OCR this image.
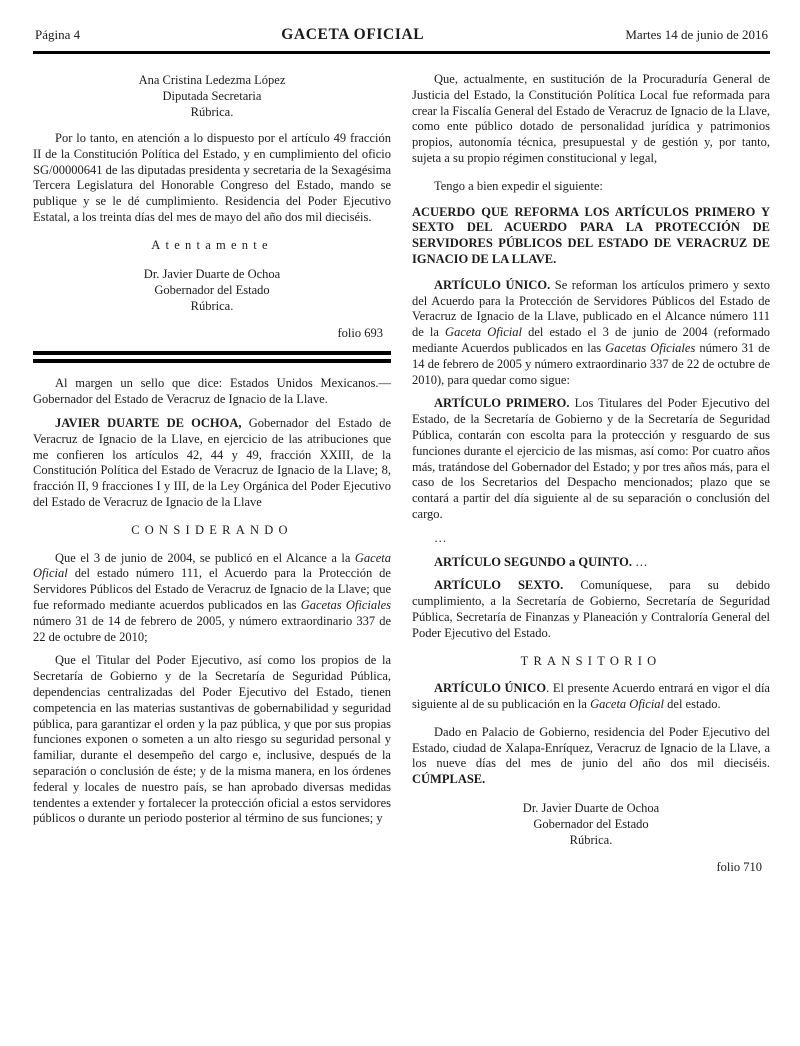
Página 4	GACETA OFICIAL	Martes 14 de junio de 2016
Ana Cristina Ledezma López
Diputada Secretaria
Rúbrica.

Por lo tanto, en atención a lo dispuesto por el artículo 49 fracción II de la Constitución Política del Estado, y en cumplimiento del oficio SG/00000641 de las diputadas presidenta y secretaria de la Sexagésima Tercera Legislatura del Honorable Congreso del Estado, mando se publique y se le dé cumplimiento. Residencia del Poder Ejecutivo Estatal, a los treinta días del mes de mayo del año dos mil dieciséis.

Atentamente
Dr. Javier Duarte de Ochoa
Gobernador del Estado
Rúbrica.
folio 693

Al margen un sello que dice: Estados Unidos Mexicanos.— Gobernador del Estado de Veracruz de Ignacio de la Llave.

JAVIER DUARTE DE OCHOA, Gobernador del Estado de Veracruz de Ignacio de la Llave, en ejercicio de las atribuciones que me confieren los artículos 42, 44 y 49, fracción XXIII, de la Constitución Política del Estado de Veracruz de Ignacio de la Llave; 8, fracción II, 9 fracciones I y III, de la Ley Orgánica del Poder Ejecutivo del Estado de Veracruz de Ignacio de la Llave

CONSIDERANDO

Que el 3 de junio de 2004, se publicó en el Alcance a la Gaceta Oficial del estado número 111, el Acuerdo para la Protección de Servidores Públicos del Estado de Veracruz de Ignacio de la Llave; que fue reformado mediante acuerdos publicados en las Gacetas Oficiales número 31 de 14 de febrero de 2005, y número extraordinario 337 de 22 de octubre de 2010;

Que el Titular del Poder Ejecutivo, así como los propios de la Secretaría de Gobierno y de la Secretaría de Seguridad Pública, dependencias centralizadas del Poder Ejecutivo del Estado, tienen competencia en las materias sustantivas de gobernabilidad y seguridad pública, para garantizar el orden y la paz pública, y que por sus propias funciones exponen o someten a un alto riesgo su seguridad personal y familiar, durante el desempeño del cargo e, inclusive, después de la separación o conclusión de éste; y de la misma manera, en los órdenes federal y locales de nuestro país, se han aprobado diversas medidas tendentes a extender y fortalecer la protección oficial a estos servidores públicos o durante un periodo posterior al término de sus funciones; y

Que, actualmente, en sustitución de la Procuraduría General de Justicia del Estado, la Constitución Política Local fue reformada para crear la Fiscalía General del Estado de Veracruz de Ignacio de la Llave, como ente público dotado de personalidad jurídica y patrimonios propios, autonomía técnica, presupuestal y de gestión y, por tanto, sujeta a su propio régimen constitucional y legal,

Tengo a bien expedir el siguiente:

ACUERDO QUE REFORMA LOS ARTÍCULOS PRIMERO Y SEXTO DEL ACUERDO PARA LA PROTECCIÓN DE SERVIDORES PÚBLICOS DEL ESTADO DE VERACRUZ DE IGNACIO DE LA LLAVE.

ARTÍCULO ÚNICO. Se reforman los artículos primero y sexto del Acuerdo para la Protección de Servidores Públicos del Estado de Veracruz de Ignacio de la Llave, publicado en el Alcance número 111 de la Gaceta Oficial del estado el 3 de junio de 2004 (reformado mediante Acuerdos publicados en las Gacetas Oficiales número 31 de 14 de febrero de 2005 y número extraordinario 337 de 22 de octubre de 2010), para quedar como sigue:

ARTÍCULO PRIMERO. Los Titulares del Poder Ejecutivo del Estado, de la Secretaría de Gobierno y de la Secretaría de Seguridad Pública, contarán con escolta para la protección y resguardo de sus funciones durante el ejercicio de las mismas, así como: Por cuatro años más, tratándose del Gobernador del Estado; y por tres años más, para el caso de los Secretarios del Despacho mencionados; plazo que se contará a partir del día siguiente al de su separación o conclusión del cargo.

…

ARTÍCULO SEGUNDO a QUINTO. …

ARTÍCULO SEXTO. Comuníquese, para su debido cumplimiento, a la Secretaría de Gobierno, Secretaría de Seguridad Pública, Secretaría de Finanzas y Planeación y Contraloría General del Poder Ejecutivo del Estado.

TRANSITORIO

ARTÍCULO ÚNICO. El presente Acuerdo entrará en vigor el día siguiente al de su publicación en la Gaceta Oficial del estado.

Dado en Palacio de Gobierno, residencia del Poder Ejecutivo del Estado, ciudad de Xalapa-Enríquez, Veracruz de Ignacio de la Llave, a los nueve días del mes de junio del año dos mil dieciséis. CÚMPLASE.

Dr. Javier Duarte de Ochoa
Gobernador del Estado
Rúbrica.
folio 710
